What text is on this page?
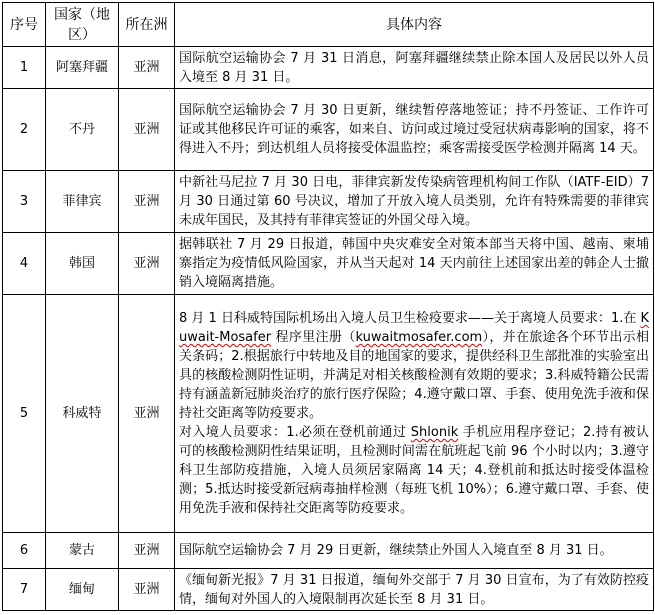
序号	国家（地区）	所在洲	具体内容
1	阿塞拜疆	亚洲	国际航空运输协会 7 月 31 日消息，阿塞拜疆继续禁止除本国人及居民以外人员入境至 8 月 31 日。
2	不丹	亚洲	国际航空运输协会 7 月 30 日更新，继续暂停落地签证；持不丹签证、工作许可证或其他移民许可证的乘客，如来自、访问或过境过受冠状病毒影响的国家，将不得进入不丹；到达机组人员将接受体温监控；乘客需接受医学检测并隔离 14 天。
3	菲律宾	亚洲	中新社马尼拉 7 月 30 日电，菲律宾新发传染病管理机构间工作队（IATF-EID）7 月 30 日通过第 60 号决议，增加了开放入境人员类别，允许有特殊需要的菲律宾未成年国民，及其持有菲律宾签证的外国父母入境。
4	韩国	亚洲	据韩联社 7 月 29 日报道，韩国中央灾难安全对策本部当天将中国、越南、柬埔寨指定为疫情低风险国家，并从当天起对 14 天内前往上述国家出差的韩企人士撤销入境隔离措施。
5	科威特	亚洲	8 月 1 日科威特国际机场出入境人员卫生检疫要求——关于离境人员要求：1.在 Kuwait-Mosafer 程序里注册（kuwaitmosafer.com），并在旅途各个环节出示相关条码；2.根据旅行中转地及目的地国家的要求，提供经科卫生部批准的实验室出具的核酸检测阴性证明，并满足对相关核酸检测有效期的要求；3.科威特籍公民需持有涵盖新冠肺炎治疗的旅行医疗保险；4.遵守戴口罩、手套、使用免洗手液和保持社交距离等防疫要求。
对入境人员要求：1.必须在登机前通过 Shlonik 手机应用程序登记；2.持有被认可的核酸检测阴性结果证明，且检测时间需在航班起飞前 96 个小时以内；3.遵守科卫生部防疫措施，入境人员须居家隔离 14 天；4.登机前和抵达时接受体温检测；5.抵达时接受新冠病毒抽样检测（每班飞机 10%）；6.遵守戴口罩、手套、使用免洗手液和保持社交距离等防疫要求。

6	蒙古	亚洲	国际航空运输协会 7 月 29 日更新，继续禁止外国人入境直至 8 月 31 日。
7	缅甸	亚洲	《缅甸新光报》7 月 31 日报道，缅甸外交部于 7 月 30 日宣布，为了有效防控疫情，缅甸对外国人的入境限制再次延长至 8 月 31 日。
